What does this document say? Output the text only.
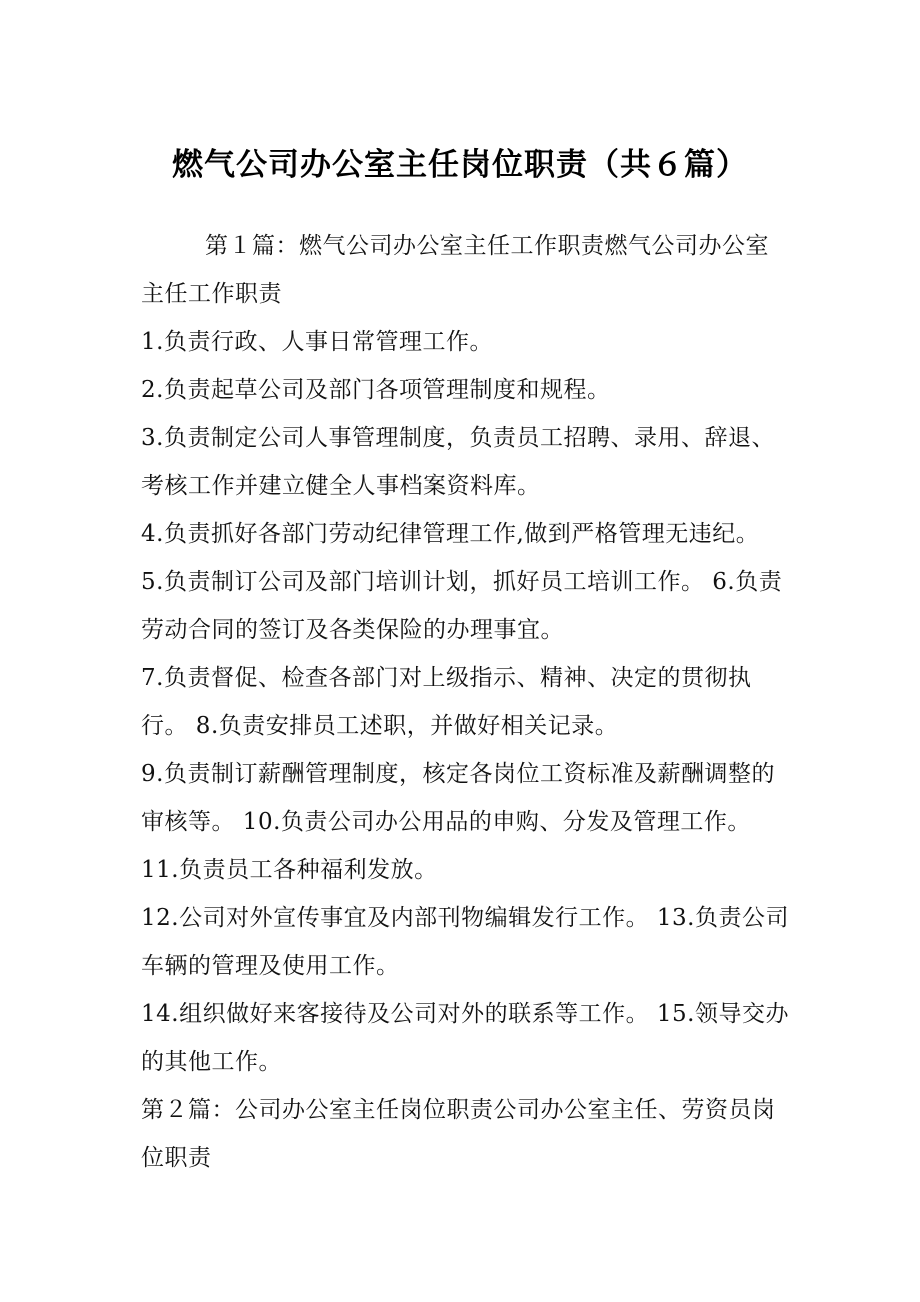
燃气公司办公室主任岗位职责（共６篇）

第１篇：燃气公司办公室主任工作职责燃气公司办公室主任工作职责

1.负责行政、人事日常管理工作。

2.负责起草公司及部门各项管理制度和规程。

3.负责制定公司人事管理制度，负责员工招聘、录用、辞退、考核工作并建立健全人事档案资料库。

4.负责抓好各部门劳动纪律管理工作,做到严格管理无违纪。

5.负责制订公司及部门培训计划，抓好员工培训工作。 6.负责劳动合同的签订及各类保险的办理事宜。

7.负责督促、检查各部门对上级指示、精神、决定的贯彻执行。 8.负责安排员工述职，并做好相关记录。

9.负责制订薪酬管理制度，核定各岗位工资标准及薪酬调整的审核等。 10.负责公司办公用品的申购、分发及管理工作。

11.负责员工各种福利发放。

12.公司对外宣传事宜及内部刊物编辑发行工作。 13.负责公司车辆的管理及使用工作。

14.组织做好来客接待及公司对外的联系等工作。 15.领导交办的其他工作。

第２篇：公司办公室主任岗位职责公司办公室主任、劳资员岗位职责
